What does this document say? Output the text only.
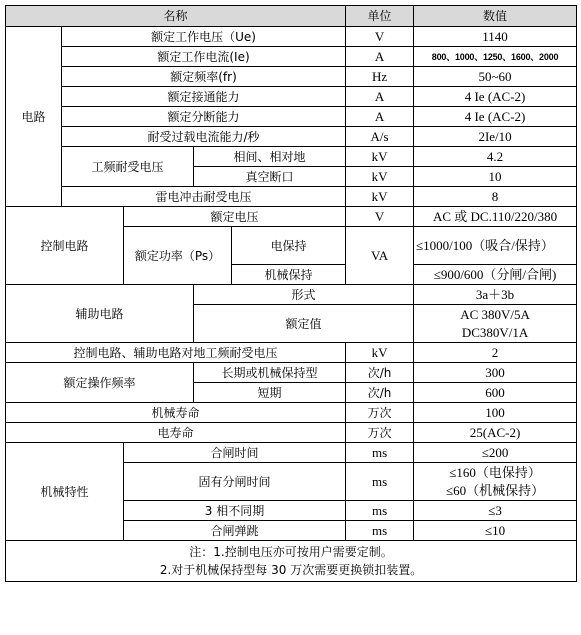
名称					单位	数值
电路	额定工作电压（Ue)				V	1140
	额定工作电流(Ie)				A	800、1000、1250、1600、2000
	额定频率(fr)				Hz	50~60
	额定接通能力				A	4 Ie (AC-2)
	额定分断能力				A	4 Ie (AC-2)
	耐受过载电流能力/秒				A/s	2Ie/10
	工频耐受电压		相间、相对地		kV	4.2
			真空断口		kV	10
	雷电冲击耐受电压				kV	8
控制电路		额定电压			V	AC 或 DC.110/220/380
		额定功率（Ps）		电保持	VA	≤1000/100（吸合/保持）
				机械保持		≤900/600（分闸/合闸)
辅助电路			形式			3a＋3b
			额定值			AC 380V/5A
DC380V/1A

控制电路、辅助电路对地工频耐受电压					kV	2
额定操作频率			长期或机械保持型		次/h	300
			短期		次/h	600
机械寿命					万次	100
电寿命					万次	25(AC-2)
机械特性		合闸时间			ms	≤200
		固有分闸时间			ms	≤160（电保持）
≤60（机械保持）

		3 相不同期			ms	≤3
		合闸弹跳			ms	≤10

注：1.控制电压亦可按用户需要定制。
2.对于机械保持型每 30 万次需要更换锁扣装置。						
